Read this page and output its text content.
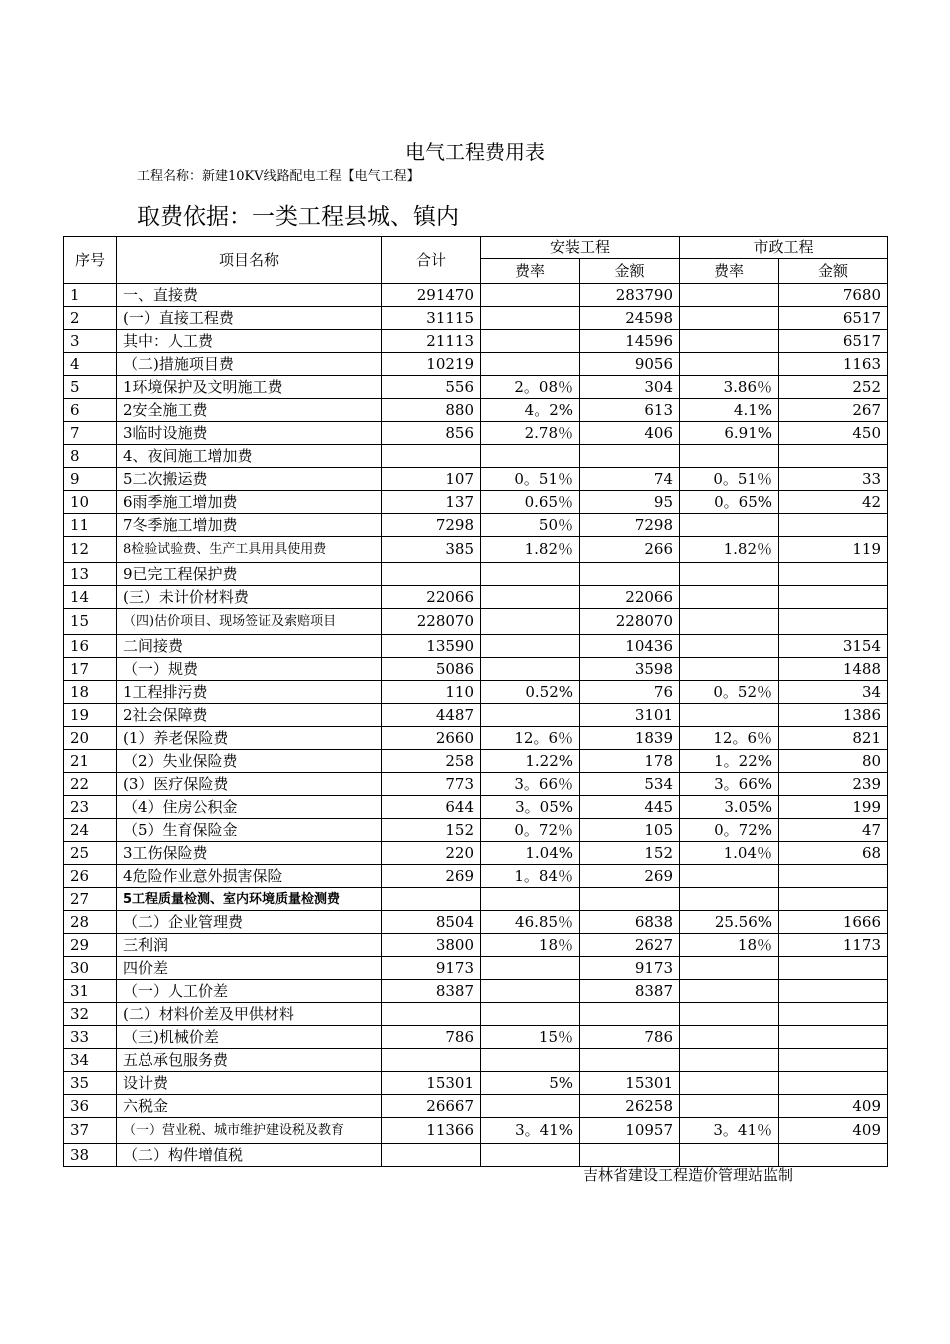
电气工程费用表
工程名称：新建10KV线路配电工程【电气工程】
取费依据：一类工程县城、镇内
序号	项目名称	合计	安装工程		市政工程	
			费率	金额	费率	金额
1	一、直接费	291470		283790		7680
2	(一）直接工程费	31115		24598		6517
3	其中：人工费	21113		14596		6517
4	（二)措施项目费	10219		9056		1163
5	1环境保护及文明施工费	556	2。08％	304	3.86％	252
6	2安全施工费	880	4。2%	613	4.1%	267
7	3临时设施费	856	2.78％	406	6.91%	450
8	4、夜间施工增加费					
9	5二次搬运费	107	0。51％	74	0。51％	33
10	6雨季施工增加费	137	0.65％	95	0。65%	42
11	7冬季施工增加费	7298	50％	7298		
12	8检验试验费、生产工具用具使用费	385	1.82％	266	1.82％	119
13	9已完工程保护费					
14	(三）未计价材料费	22066		22066		
15	（四)估价项目、现场签证及索赔项目	228070		228070		
16	二间接费	13590		10436		3154
17	（一）规费	5086		3598		1488
18	1工程排污费	110	0.52%	76	0。52％	34
19	2社会保障费	4487		3101		1386
20	(1）养老保险费	2660	12。6％	1839	12。6％	821
21	（2）失业保险费	258	1.22%	178	1。22%	80
22	(3）医疗保险费	773	3。66％	534	3。66%	239
23	（4）住房公积金	644	3。05%	445	3.05%	199
24	（5）生育保险金	152	0。72％	105	0。72%	47
25	3工伤保险费	220	1.04%	152	1.04％	68
26	4危险作业意外损害保险	269	1。84％	269		
27	5工程质量检测、室内环境质量检测费					
28	（二）企业管理费	8504	46.85％	6838	25.56%	1666
29	三利润	3800	18％	2627	18％	1173
30	四价差	9173		9173		
31	（一）人工价差	8387		8387		
32	(二）材料价差及甲供材料					
33	（三)机械价差	786	15％	786		
34	五总承包服务费					
35	设计费	15301	5%	15301		
36	六税金	26667		26258		409
37	（一）营业税、城市维护建设税及教育	11366	3。41%	10957	3。41％	409
38	（二）构件增值税					
吉林省建设工程造价管理站监制
